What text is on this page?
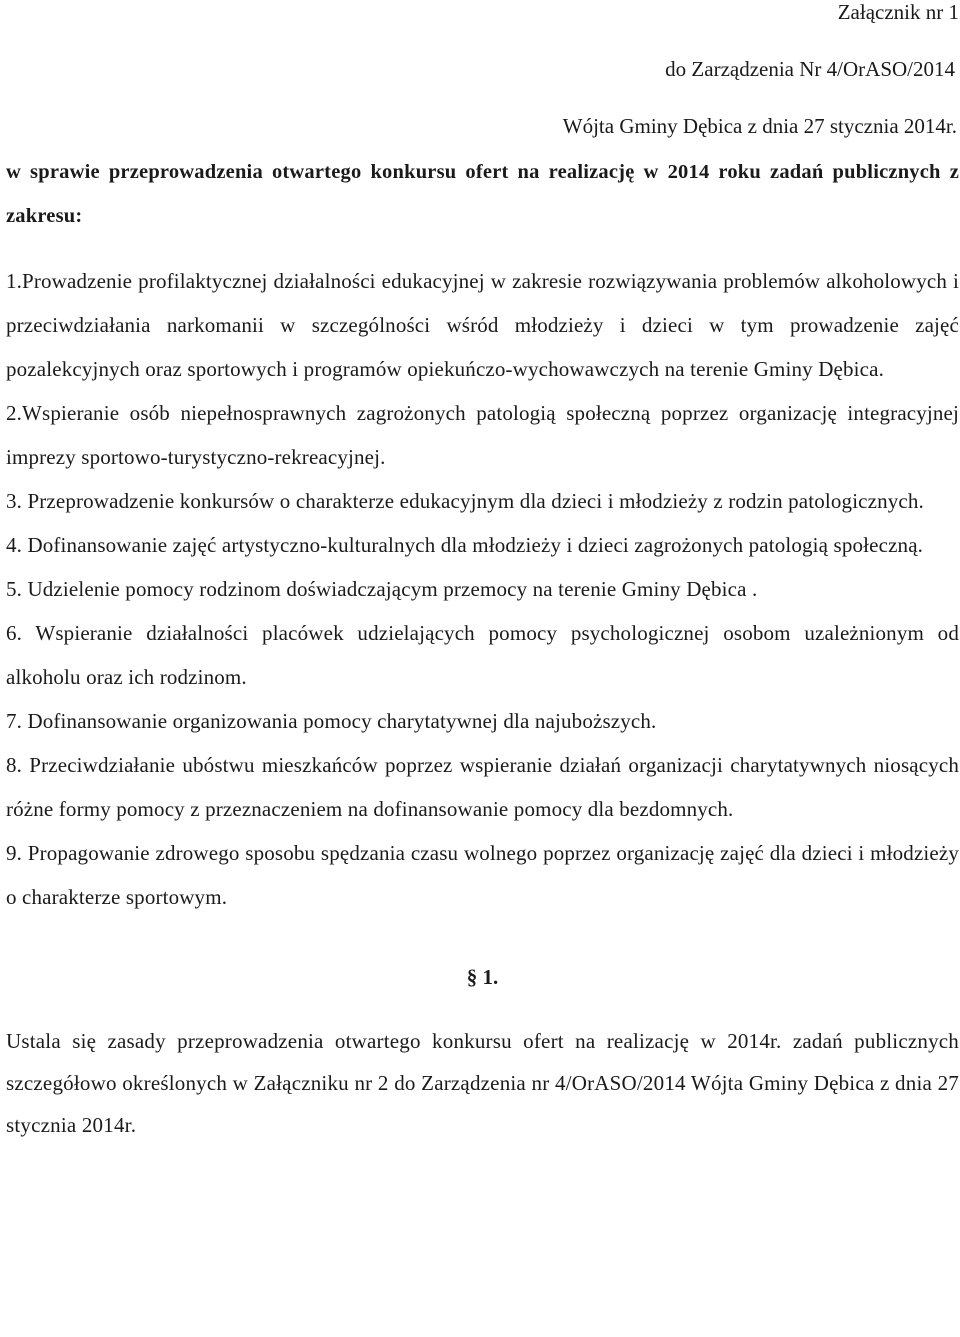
Załącznik nr 1

do Zarządzenia Nr 4/OrASO/2014

Wójta Gminy Dębica z dnia 27 stycznia 2014r.

w sprawie przeprowadzenia otwartego konkursu ofert na realizację w 2014 roku zadań publicznych z zakresu:

1.Prowadzenie profilaktycznej działalności edukacyjnej w zakresie rozwiązywania problemów alkoholowych i przeciwdziałania narkomanii w szczególności wśród młodzieży i dzieci w tym prowadzenie zajęć pozalekcyjnych oraz sportowych i programów opiekuńczo-wychowawczych na terenie Gminy Dębica.

2.Wspieranie osób niepełnosprawnych zagrożonych patologią społeczną poprzez organizację integracyjnej imprezy sportowo-turystyczno-rekreacyjnej.

3. Przeprowadzenie konkursów o charakterze edukacyjnym dla dzieci i młodzieży z rodzin patologicznych.

4. Dofinansowanie zajęć artystyczno-kulturalnych dla młodzieży i dzieci zagrożonych patologią społeczną.

5. Udzielenie pomocy rodzinom doświadczającym przemocy na terenie Gminy Dębica .

6. Wspieranie działalności placówek udzielających pomocy psychologicznej osobom uzależnionym od alkoholu oraz ich rodzinom.

7. Dofinansowanie organizowania pomocy charytatywnej dla najuboższych.

8. Przeciwdziałanie ubóstwu mieszkańców poprzez wspieranie działań organizacji charytatywnych niosących różne formy pomocy z przeznaczeniem na dofinansowanie pomocy dla bezdomnych.

9. Propagowanie zdrowego sposobu spędzania czasu wolnego poprzez organizację zajęć dla dzieci i młodzieży o charakterze sportowym.

§ 1.

Ustala się zasady przeprowadzenia otwartego konkursu ofert na realizację w 2014r. zadań publicznych szczegółowo określonych w Załączniku nr 2 do Zarządzenia nr 4/OrASO/2014 Wójta Gminy Dębica z dnia 27 stycznia 2014r.
